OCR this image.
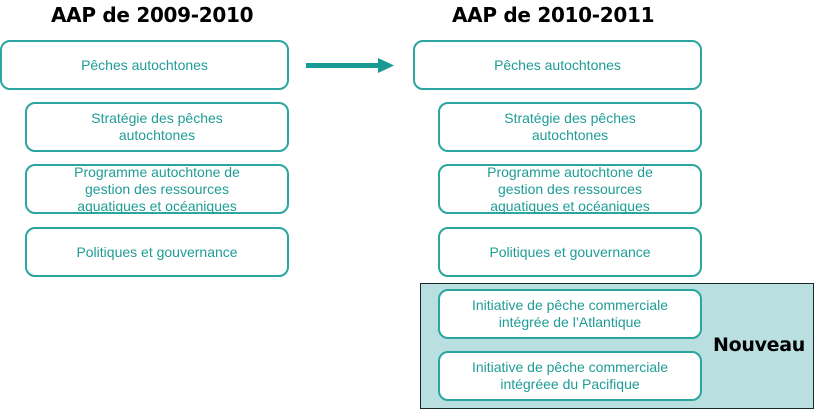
AAP de 2009-2010
Pêches autochtones
Stratégie des pêches
autochtones
Programme autochtone de
gestion des ressources
aquatiques et océaniques
Politiques et gouvernance
AAP de 2010-2011
Pêches autochtones
Stratégie des pêches
autochtones
Programme autochtone de
gestion des ressources
aquatiques et océaniques
Politiques et gouvernance
Initiative de pêche commerciale
intégrée de l’Atlantique
Initiative de pêche commerciale
intégréee du Pacifique
Nouveau
